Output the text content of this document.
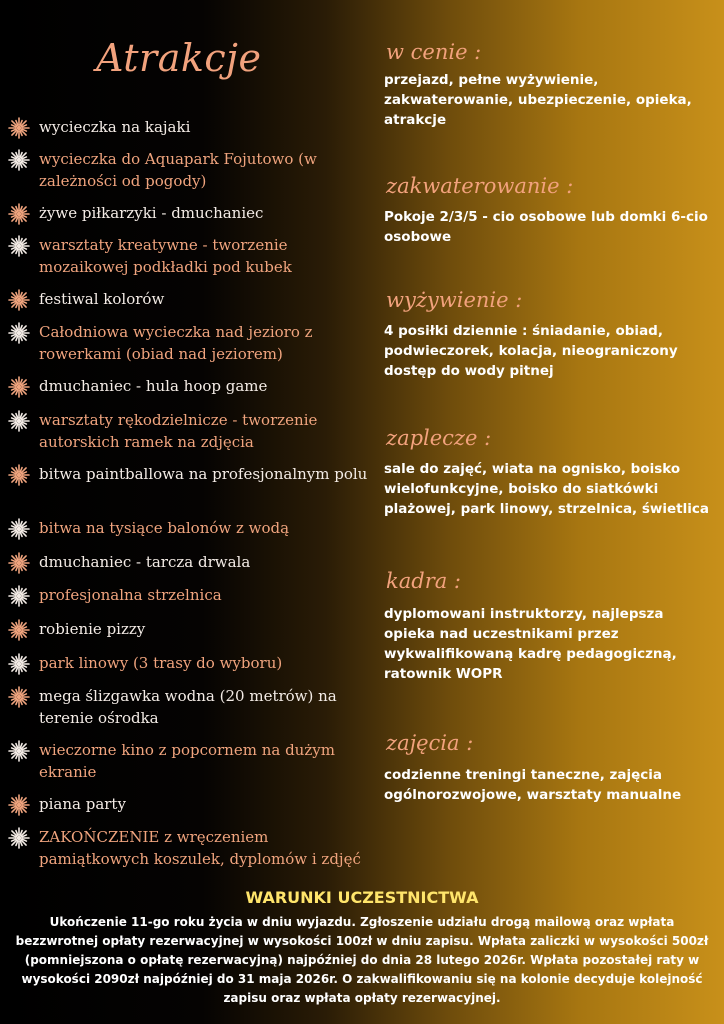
Atrakcje
wycieczka na kajaki
wycieczka do Aquapark Fojutowo (w zależności od pogody)
żywe piłkarzyki - dmuchaniec
warsztaty kreatywne - tworzenie mozaikowej podkładki pod kubek
festiwal kolorów
Całodniowa wycieczka nad jezioro z rowerkami (obiad nad jeziorem)
dmuchaniec - hula hoop game
warsztaty rękodzielnicze - tworzenie autorskich ramek na zdjęcia
bitwa paintballowa na profesjonalnym polu
bitwa na tysiące balonów z wodą
dmuchaniec - tarcza drwala
profesjonalna strzelnica
robienie pizzy
park linowy (3 trasy do wyboru)
mega ślizgawka wodna (20 metrów) na terenie ośrodka
wieczorne kino z popcornem na dużym ekranie
piana party
ZAKOŃCZENIE z wręczeniem pamiątkowych koszulek, dyplomów i zdjęć
w cenie :

przejazd, pełne wyżywienie, zakwaterowanie, ubezpieczenie, opieka, atrakcje

zakwaterowanie :

Pokoje 2/3/5 - cio osobowe lub domki 6-cio osobowe

wyżywienie :

4 posiłki dziennie : śniadanie, obiad, podwieczorek, kolacja, nieograniczony dostęp do wody pitnej

zaplecze :

sale do zajęć, wiata na ognisko, boisko wielofunkcyjne, boisko do siatkówki plażowej, park linowy, strzelnica, świetlica

kadra :

dyplomowani instruktorzy, najlepsza opieka nad uczestnikami przez wykwalifikowaną kadrę pedagogiczną, ratownik WOPR

zajęcia :

codzienne treningi taneczne, zajęcia ogólnorozwojowe, warsztaty manualne

WARUNKI UCZESTNICTWA

Ukończenie 11-go roku życia w dniu wyjazdu. Zgłoszenie udziału drogą mailową oraz wpłata bezzwrotnej opłaty rezerwacyjnej w wysokości 100zł w dniu zapisu. Wpłata zaliczki w wysokości 500zł (pomniejszona o opłatę rezerwacyjną) najpóźniej do dnia 28 lutego 2026r. Wpłata pozostałej raty w wysokości 2090zł najpóźniej do 31 maja 2026r. O zakwalifikowaniu się na kolonie decyduje kolejność zapisu oraz wpłata opłaty rezerwacyjnej.
